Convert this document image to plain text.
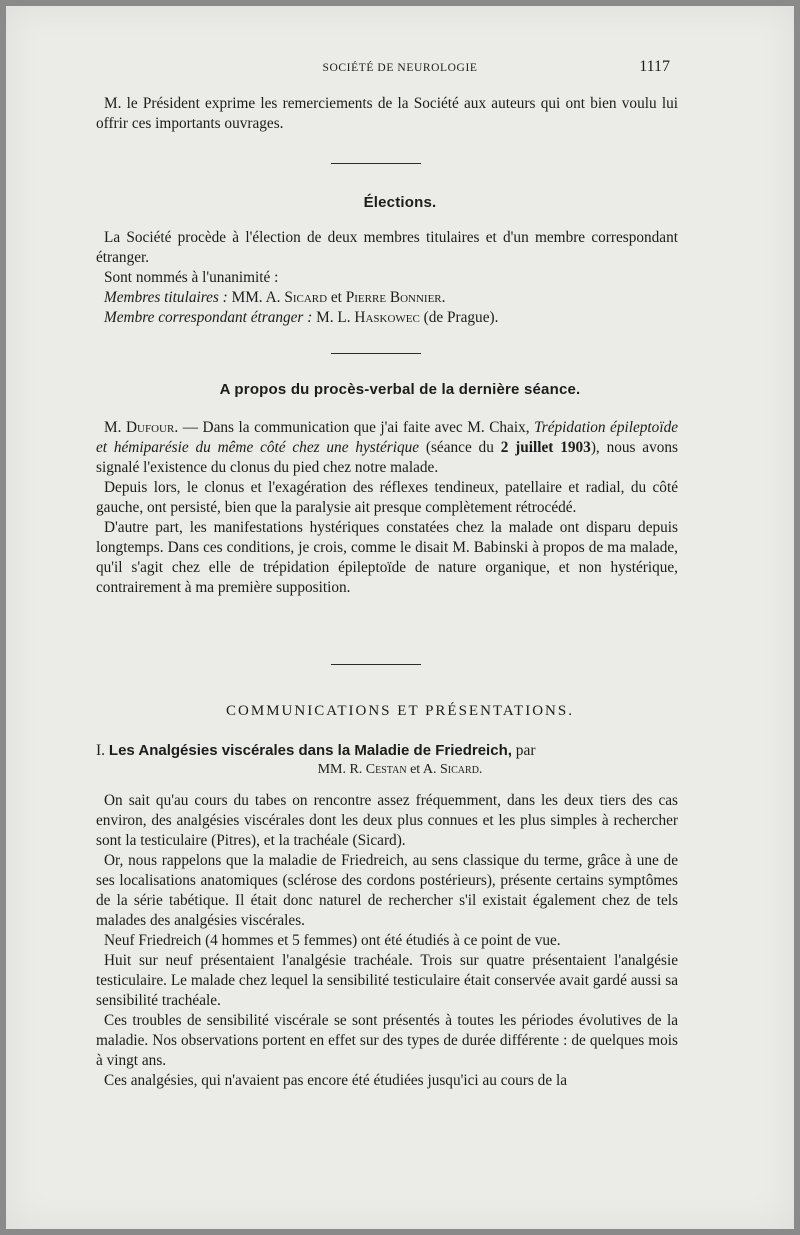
SOCIÉTÉ DE NEUROLOGIE	1117

M. le Président exprime les remerciements de la Société aux auteurs qui ont bien voulu lui offrir ces importants ouvrages.

Élections.

La Société procède à l'élection de deux membres titulaires et d'un membre correspondant étranger.

Sont nommés à l'unanimité :

Membres titulaires : MM. A. Sicard et Pierre Bonnier.

Membre correspondant étranger : M. L. Haskowec (de Prague).

A propos du procès-verbal de la dernière séance.

M. Dufour. — Dans la communication que j'ai faite avec M. Chaix, Trépidation épileptoïde et hémiparésie du même côté chez une hystérique (séance du 2 juillet 1903), nous avons signalé l'existence du clonus du pied chez notre malade.

Depuis lors, le clonus et l'exagération des réflexes tendineux, patellaire et radial, du côté gauche, ont persisté, bien que la paralysie ait presque complètement rétrocédé.

D'autre part, les manifestations hystériques constatées chez la malade ont disparu depuis longtemps. Dans ces conditions, je crois, comme le disait M. Babinski à propos de ma malade, qu'il s'agit chez elle de trépidation épileptoïde de nature organique, et non hystérique, contrairement à ma première supposition.

COMMUNICATIONS ET PRÉSENTATIONS.
I. Les Analgésies viscérales dans la Maladie de Friedreich, par
MM. R. Cestan et A. Sicard.

On sait qu'au cours du tabes on rencontre assez fréquemment, dans les deux tiers des cas environ, des analgésies viscérales dont les deux plus connues et les plus simples à rechercher sont la testiculaire (Pitres), et la trachéale (Sicard).

Or, nous rappelons que la maladie de Friedreich, au sens classique du terme, grâce à une de ses localisations anatomiques (sclérose des cordons postérieurs), présente certains symptômes de la série tabétique. Il était donc naturel de rechercher s'il existait également chez de tels malades des analgésies viscérales.

Neuf Friedreich (4 hommes et 5 femmes) ont été étudiés à ce point de vue.

Huit sur neuf présentaient l'analgésie trachéale. Trois sur quatre présentaient l'analgésie testiculaire. Le malade chez lequel la sensibilité testiculaire était conservée avait gardé aussi sa sensibilité trachéale.

Ces troubles de sensibilité viscérale se sont présentés à toutes les périodes évolutives de la maladie. Nos observations portent en effet sur des types de durée différente : de quelques mois à vingt ans.

Ces analgésies, qui n'avaient pas encore été étudiées jusqu'ici au cours de la
